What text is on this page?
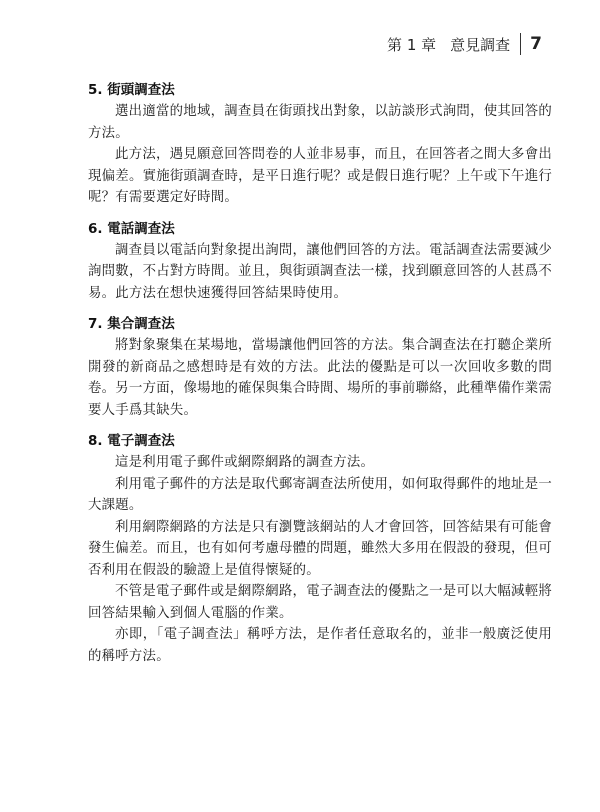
第 1 章 意見調查 7

5. 街頭調查法

選出適當的地域，調查員在街頭找出對象，以訪談形式詢問，使其回答的方法。

此方法，遇見願意回答問卷的人並非易事，而且，在回答者之間大多會出現偏差。實施街頭調查時，是平日進行呢？或是假日進行呢？上午或下午進行呢？有需要選定好時間。

6. 電話調查法

調查員以電話向對象提出詢問，讓他們回答的方法。電話調查法需要減少詢問數，不占對方時間。並且，與街頭調查法一樣，找到願意回答的人甚爲不易。此方法在想快速獲得回答結果時使用。

7. 集合調查法

將對象聚集在某場地，當場讓他們回答的方法。集合調查法在打聽企業所開發的新商品之感想時是有效的方法。此法的優點是可以一次回收多數的問卷。另一方面，像場地的確保與集合時間、場所的事前聯絡，此種準備作業需要人手爲其缺失。

8. 電子調查法

這是利用電子郵件或網際網路的調查方法。

利用電子郵件的方法是取代郵寄調查法所使用，如何取得郵件的地址是一大課題。

利用網際網路的方法是只有瀏覽該網站的人才會回答，回答結果有可能會發生偏差。而且，也有如何考慮母體的問題，雖然大多用在假設的發現，但可否利用在假設的驗證上是值得懷疑的。

不管是電子郵件或是網際網路，電子調查法的優點之一是可以大幅減輕將回答結果輸入到個人電腦的作業。

亦即，「電子調查法」稱呼方法，是作者任意取名的，並非一般廣泛使用的稱呼方法。
